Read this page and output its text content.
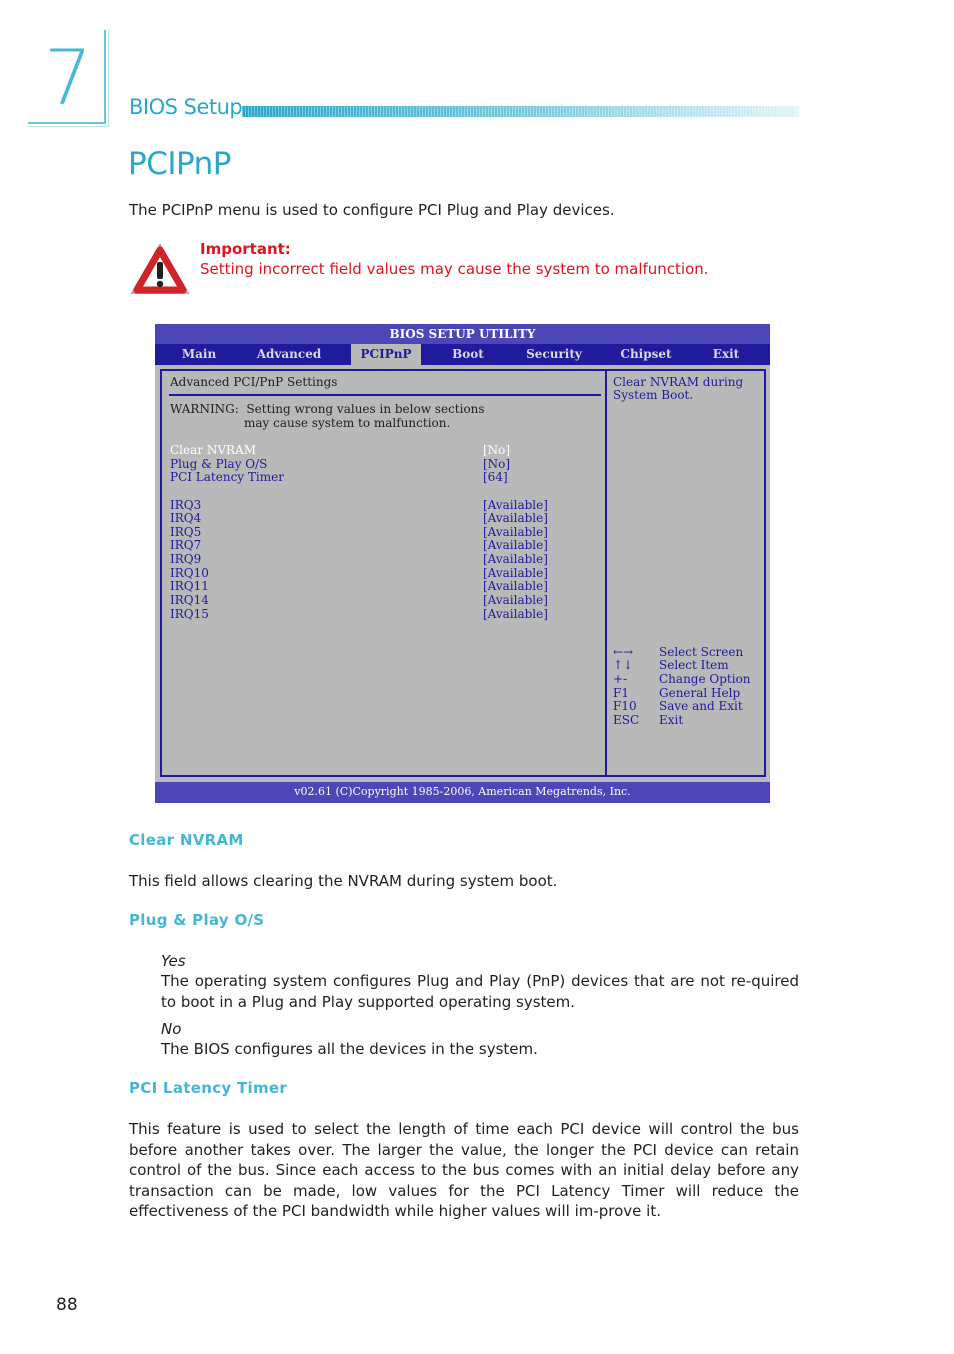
7 BIOS Setup
PCIPnP
The PCIPnP menu is used to configure PCI Plug and Play devices.
Important:
Setting incorrect field values may cause the system to malfunction.
BIOS SETUP UTILITY
Main	Advanced	PCIPnP	Boot	Security	Chipset	Exit
Advanced PCI/PnP Settings
WARNING:  Setting wrong values in below sections
may cause system to malfunction.
Clear NVRAM	[No]
Plug & Play O/S	[No]
PCI Latency Timer	[64]
IRQ3	[Available]
IRQ4	[Available]
IRQ5	[Available]
IRQ7	[Available]
IRQ9	[Available]
IRQ10	[Available]
IRQ11	[Available]
IRQ14	[Available]
IRQ15	[Available]
Clear NVRAM during
System Boot.
←→ Select Screen
↑↓ Select Item
+-	Change Option
F1	General Help
F10 Save and Exit
ESC Exit
v02.61 (C)Copyright 1985-2006, American Megatrends, Inc.
Clear NVRAM
This field allows clearing the NVRAM during system boot.
Plug & Play O/S
Yes
The operating system configures Plug and Play (PnP) devices that are not re-quired to boot in a Plug and Play supported operating system.
No
The BIOS configures all the devices in the system.
PCI Latency Timer
This feature is used to select the length of time each PCI device will control the bus before another takes over. The larger the value, the longer the PCI device can retain control of the bus. Since each access to the bus comes with an initial delay before any transaction can be made, low values for the PCI Latency Timer will reduce the effectiveness of the PCI bandwidth while higher values will im-prove it.
88
